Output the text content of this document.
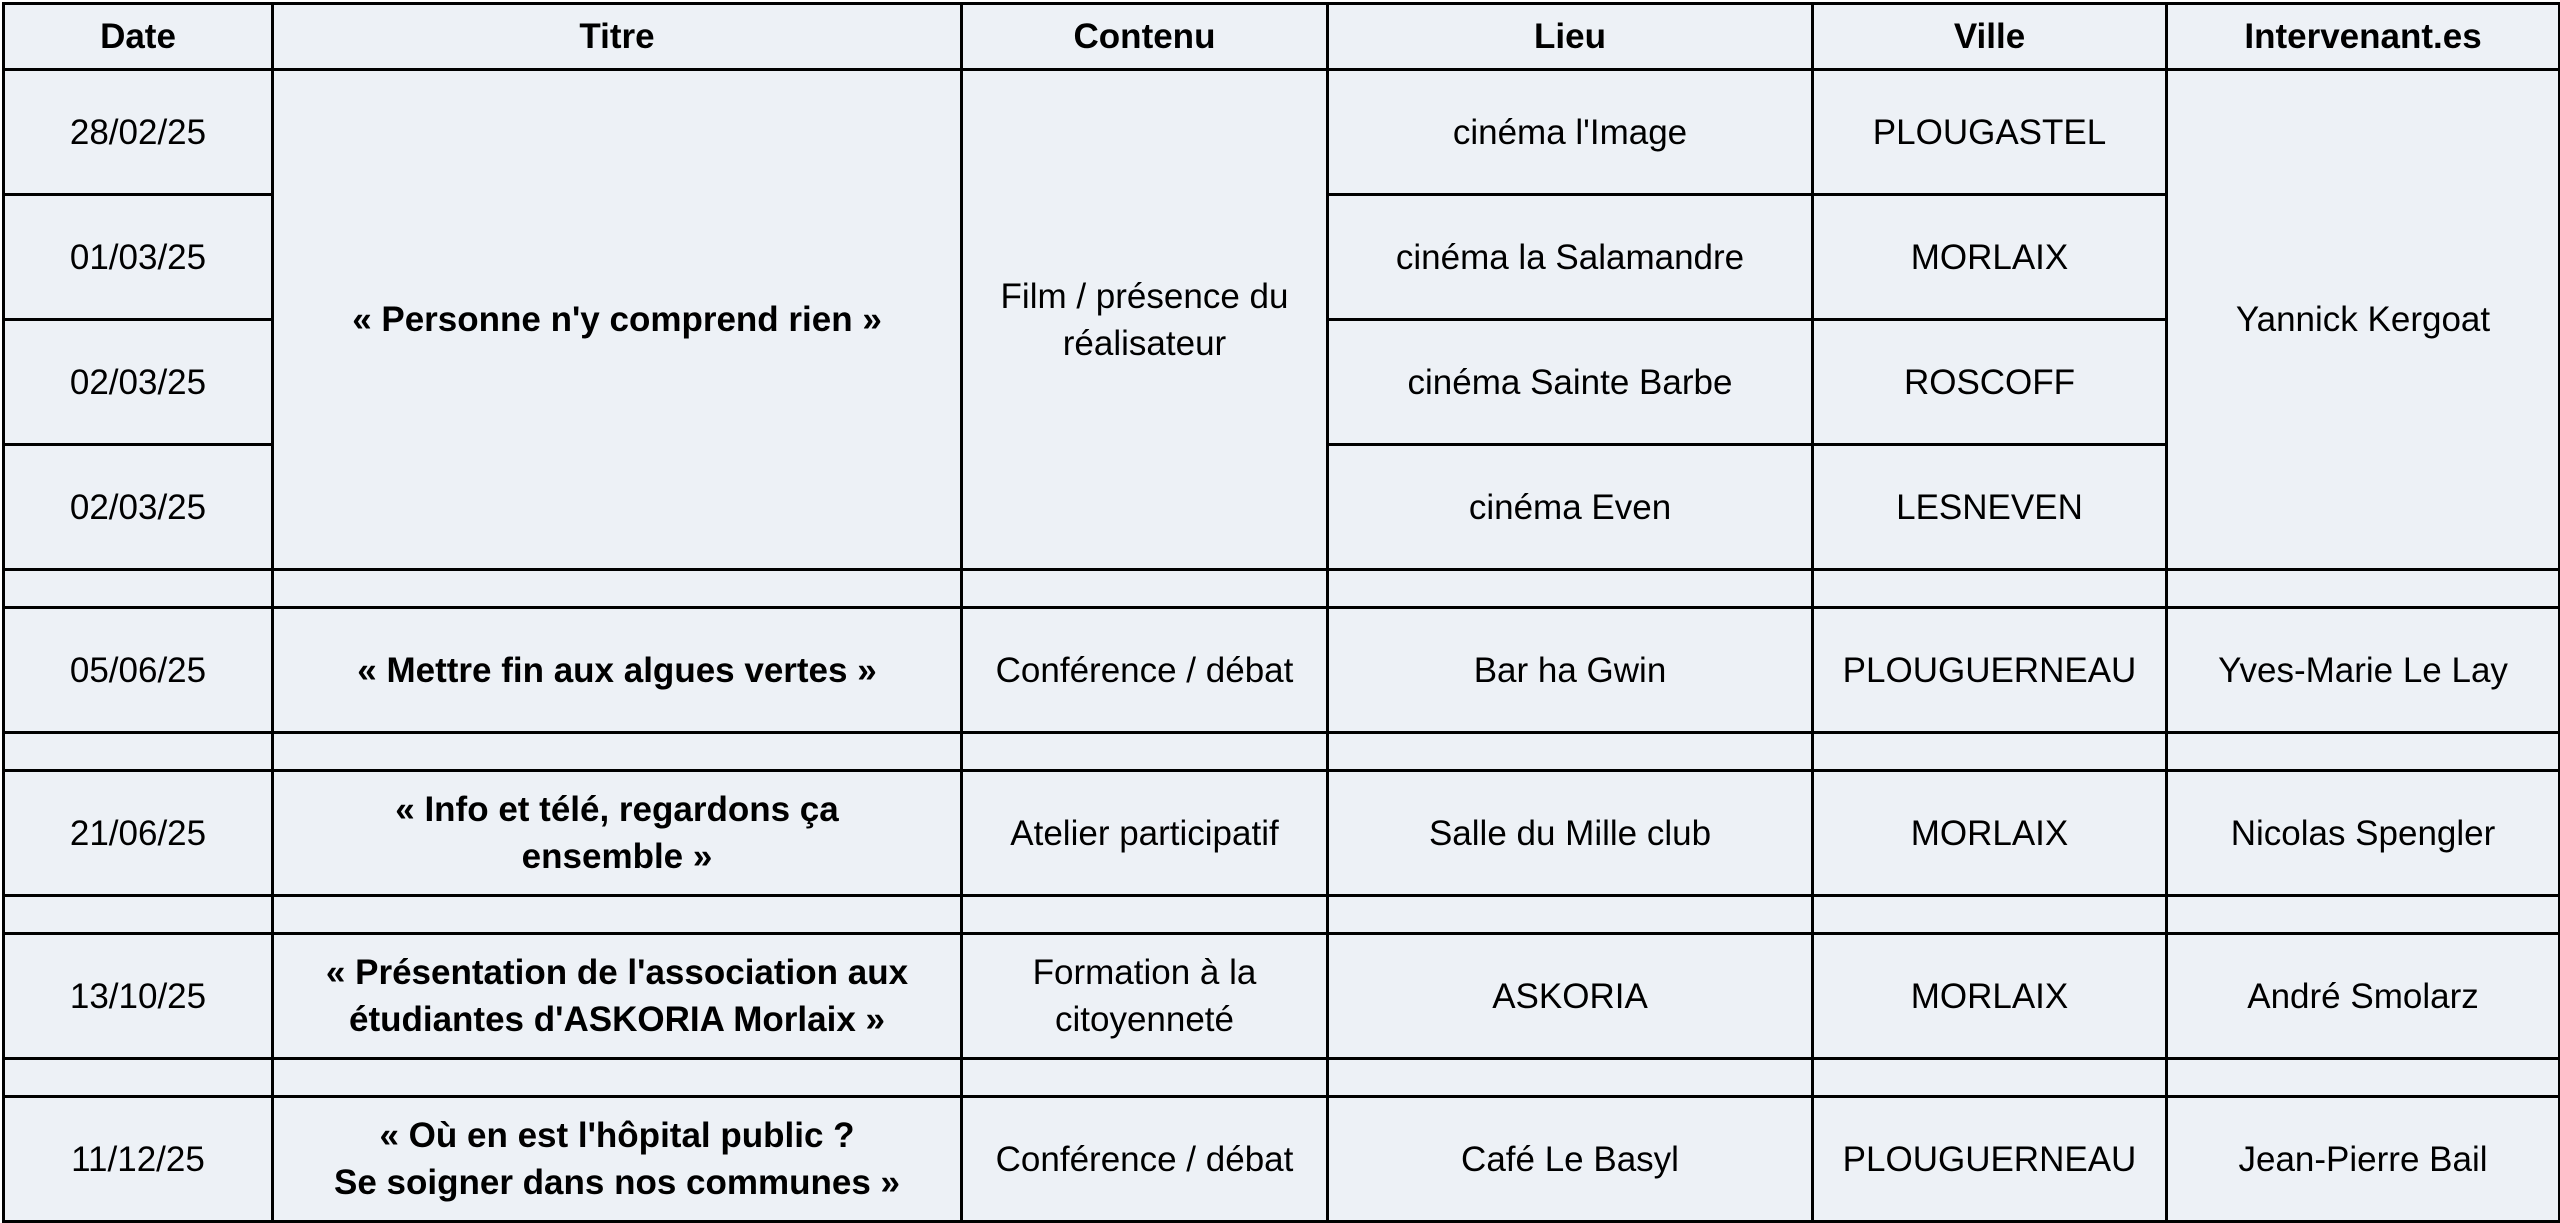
Date	Titre	Contenu	Lieu	Ville	Intervenant.es
28/02/25	« Personne n'y comprend rien »	Film / présence du réalisateur	cinéma l'Image	PLOUGASTEL	Yannick Kergoat
01/03/25			cinéma la Salamandre	MORLAIX	
02/03/25			cinéma Sainte Barbe	ROSCOFF	
02/03/25			cinéma Even	LESNEVEN	

05/06/25	« Mettre fin aux algues vertes »	Conférence / débat	Bar ha Gwin	PLOUGUERNEAU	Yves-Marie Le Lay

21/06/25	« Info et télé, regardons ça
ensemble »	Atelier participatif	Salle du Mille club	MORLAIX	Nicolas Spengler

13/10/25	« Présentation de l'association aux
étudiantes d'ASKORIA Morlaix »	Formation à la
citoyenneté	ASKORIA	MORLAIX	André Smolarz

11/12/25	« Où en est l'hôpital public ?
Se soigner dans nos communes »	Conférence / débat	Café Le Basyl	PLOUGUERNEAU	Jean-Pierre Bail
